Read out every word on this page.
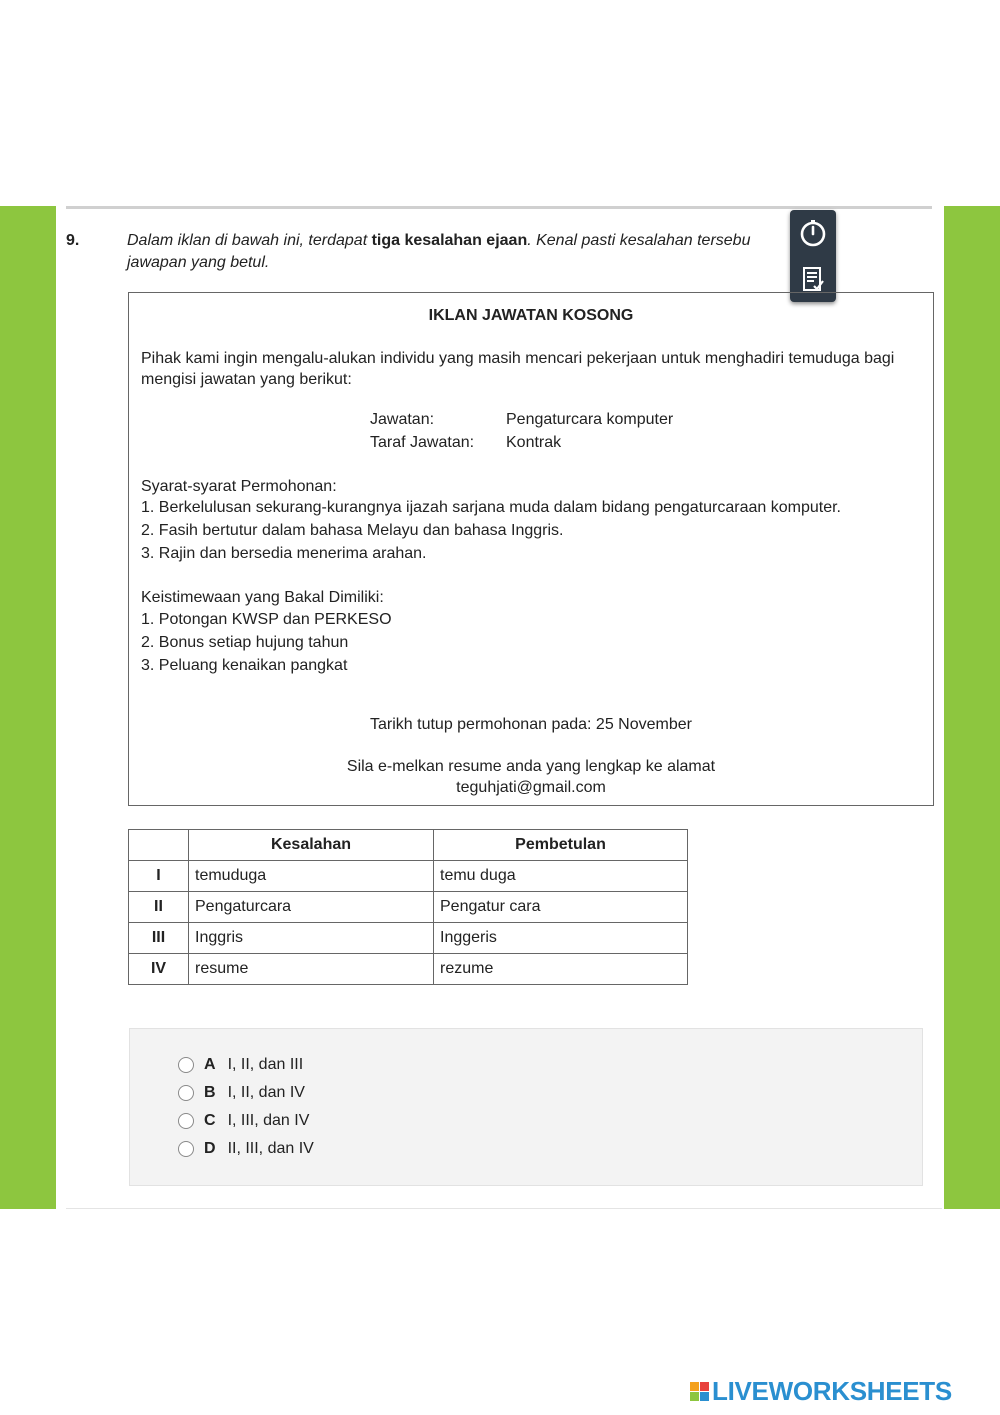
9.	Dalam iklan di bawah ini, terdapat tiga kesalahan ejaan. Kenal pasti kesalahan tersebu
jawapan yang betul.
IKLAN JAWATAN KOSONG
Pihak kami ingin mengalu-alukan individu yang masih mencari pekerjaan untuk menghadiri temuduga bagi mengisi jawatan yang berikut:
Jawatan:	Pengaturcara komputer
Taraf Jawatan: Kontrak
Syarat-syarat Permohonan:
1. Berkelulusan sekurang-kurangnya ijazah sarjana muda dalam bidang pengaturcaraan komputer.
2. Fasih bertutur dalam bahasa Melayu dan bahasa Inggris.
3. Rajin dan bersedia menerima arahan.
Keistimewaan yang Bakal Dimiliki:
1. Potongan KWSP dan PERKESO
2. Bonus setiap hujung tahun
3. Peluang kenaikan pangkat
Tarikh tutup permohonan pada: 25 November
Sila e-melkan resume anda yang lengkap ke alamat
teguhjati@gmail.com
	Kesalahan	Pembetulan
I	temuduga	temu duga
II	Pengaturcara	Pengatur cara
III	Inggris	Inggeris
IV	resume	rezume
A I, II, dan III
B I, II, dan IV
C I, III, dan IV
D II, III, dan IV
LIVEWORKSHEETS
